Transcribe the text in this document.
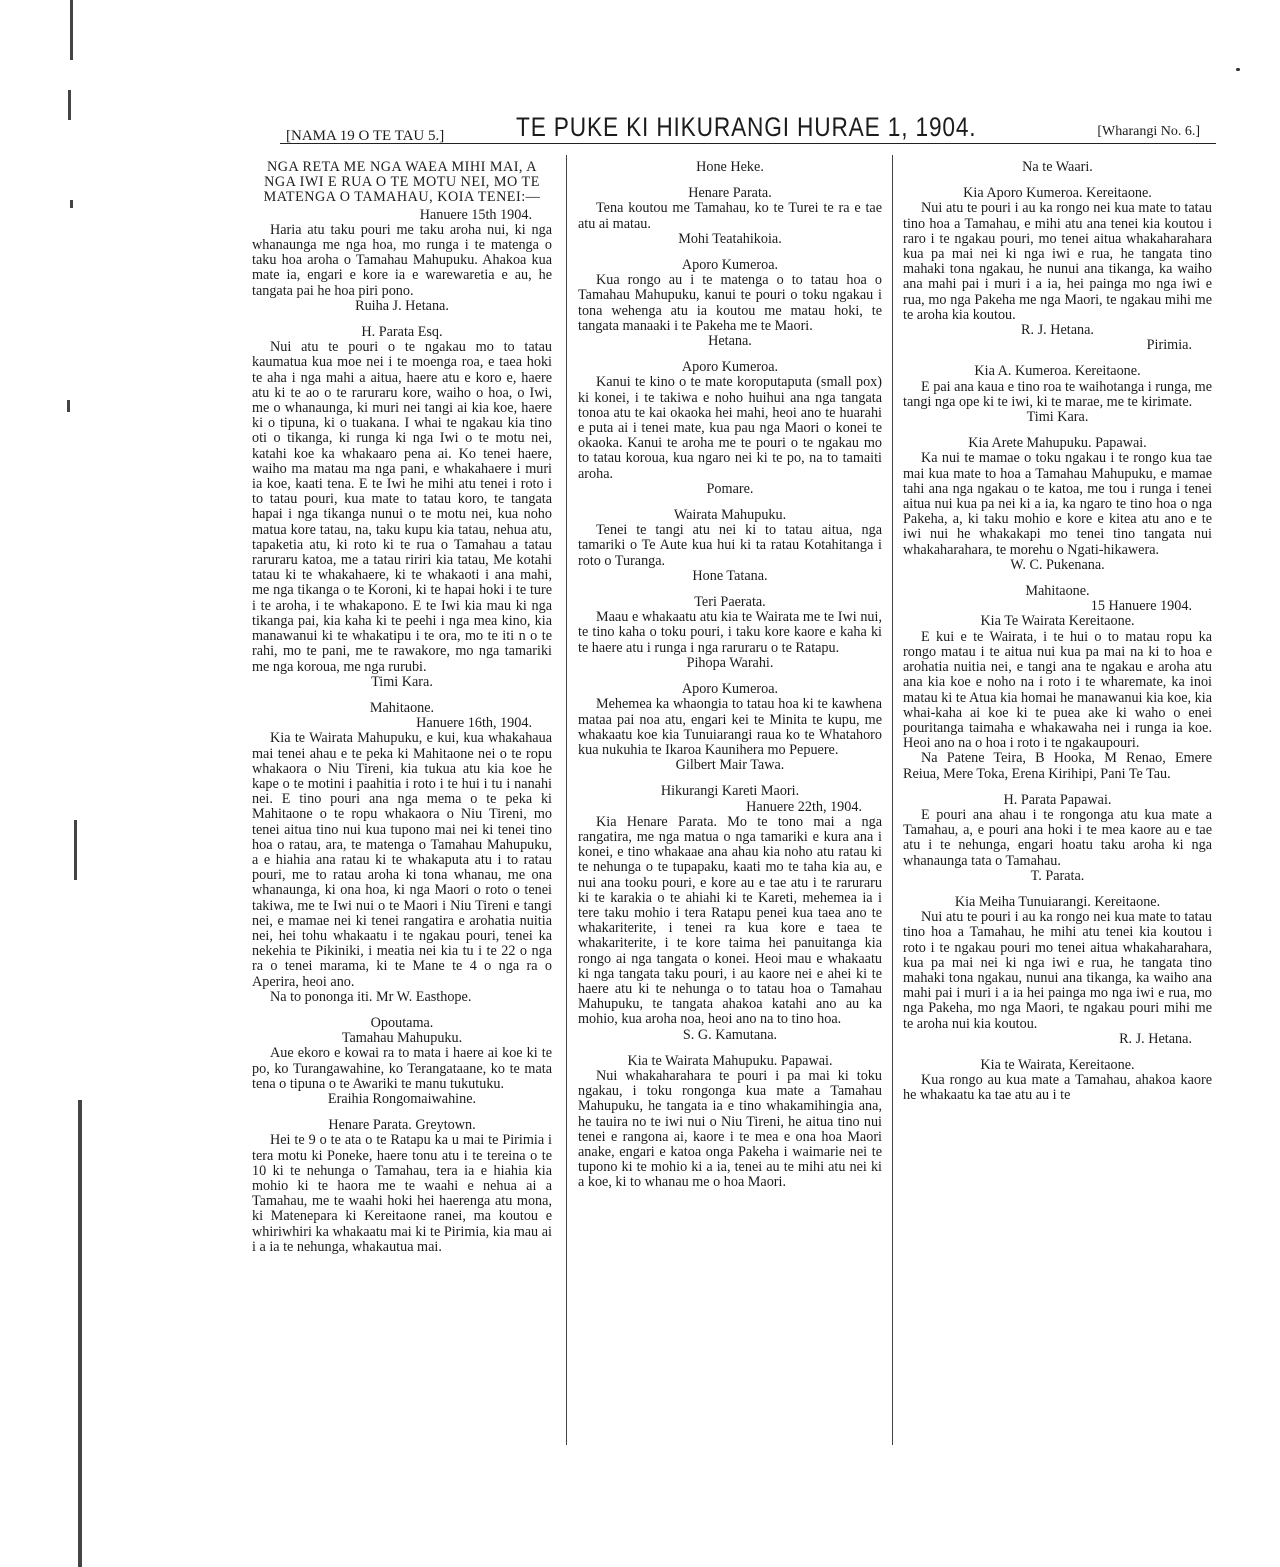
[NAMA 19 O TE TAU 5.]	TE PUKE KI HIKURANGI HURAE 1, 1904.	[Wharangi No. 6.]

NGA RETA ME NGA WAEA MIHI MAI, A NGA IWI E RUA O TE MOTU NEI, MO TE MATENGA O TAMAHAU, KOIA TENEI:—

Hanuere 15th 1904.

Haria atu taku pouri me taku aroha nui, ki nga whanaunga me nga hoa, mo runga i te matenga o taku hoa aroha o Tamahau Mahupuku. Ahakoa kua mate ia, engari e kore ia e warewaretia e au, he tangata pai he hoa piri pono.

Ruiha J. Hetana.

H. Parata Esq.

Nui atu te pouri o te ngakau mo to tatau kaumatua kua moe nei i te moenga roa, e taea hoki te aha i nga mahi a aitua, haere atu e koro e, haere atu ki te ao o te raruraru kore, waiho o hoa, o Iwi, me o whanaunga, ki muri nei tangi ai kia koe, haere ki o tipuna, ki o tuakana. I whai te ngakau kia tino oti o tikanga, ki runga ki nga Iwi o te motu nei, katahi koe ka whakaaro pena ai. Ko tenei haere, waiho ma matau ma nga pani, e whakahaere i muri ia koe, kaati tena. E te Iwi he mihi atu tenei i roto i to tatau pouri, kua mate to tatau koro, te tangata hapai i nga tikanga nunui o te motu nei, kua noho matua kore tatau, na, taku kupu kia tatau, nehua atu, tapaketia atu, ki roto ki te rua o Tamahau a tatau raruraru katoa, me a tatau ririri kia tatau, Me kotahi tatau ki te whakahaere, ki te whakaoti i ana mahi, me nga tikanga o te Koroni, ki te hapai hoki i te ture i te aroha, i te whakapono. E te Iwi kia mau ki nga tikanga pai, kia kaha ki te peehi i nga mea kino, kia manawanui ki te whakatipu i te ora, mo te iti n o te rahi, mo te pani, me te rawakore, mo nga tamariki me nga koroua, me nga rurubi.

Timi Kara.

Mahitaone.

Hanuere 16th, 1904.

Kia te Wairata Mahupuku, e kui, kua whakahaua mai tenei ahau e te peka ki Mahitaone nei o te ropu whakaora o Niu Tireni, kia tukua atu kia koe he kape o te motini i paahitia i roto i te hui i tu i nanahi nei. E tino pouri ana nga mema o te peka ki Mahitaone o te ropu whakaora o Niu Tireni, mo tenei aitua tino nui kua tupono mai nei ki tenei tino hoa o ratau, ara, te matenga o Tamahau Mahupuku, a e hiahia ana ratau ki te whakaputa atu i to ratau pouri, me to ratau aroha ki tona whanau, me ona whanaunga, ki ona hoa, ki nga Maori o roto o tenei takiwa, me te Iwi nui o te Maori i Niu Tireni e tangi nei, e mamae nei ki tenei rangatira e arohatia nuitia nei, hei tohu whakaatu i te ngakau pouri, tenei ka nekehia te Pikiniki, i meatia nei kia tu i te 22 o nga ra o tenei marama, ki te Mane te 4 o nga ra o Aperira, heoi ano.

Na to pononga iti. Mr W. Easthope.

Opoutama.

Tamahau Mahupuku.

Aue ekoro e kowai ra to mata i haere ai koe ki te po, ko Turangawahine, ko Terangataane, ko te mata tena o tipuna o te Awariki te manu tukutuku.

Eraihia Rongomaiwahine.

Henare Parata. Greytown.

Hei te 9 o te ata o te Ratapu ka u mai te Pirimia i tera motu ki Poneke, haere tonu atu i te tereina o te 10 ki te nehunga o Tamahau, tera ia e hiahia kia mohio ki te haora me te waahi e nehua ai a Tamahau, me te waahi hoki hei haerenga atu mona, ki Matenepara ki Kereitaone ranei, ma koutou e whiriwhiri ka whakaatu mai ki te Pirimia, kia mau ai i a ia te nehunga, whakautua mai.

Hone Heke.

Henare Parata.

Tena koutou me Tamahau, ko te Turei te ra e tae atu ai matau.

Mohi Teatahikoia.

Aporo Kumeroa.

Kua rongo au i te matenga o to tatau hoa o Tamahau Mahupuku, kanui te pouri o toku ngakau i tona wehenga atu ia koutou me matau hoki, te tangata manaaki i te Pakeha me te Maori.

Hetana.

Aporo Kumeroa.

Kanui te kino o te mate koroputaputa (small pox) ki konei, i te takiwa e noho huihui ana nga tangata tonoa atu te kai okaoka hei mahi, heoi ano te huarahi e puta ai i tenei mate, kua pau nga Maori o konei te okaoka. Kanui te aroha me te pouri o te ngakau mo to tatau koroua, kua ngaro nei ki te po, na to tamaiti aroha.

Pomare.

Wairata Mahupuku.

Tenei te tangi atu nei ki to tatau aitua, nga tamariki o Te Aute kua hui ki ta ratau Kotahitanga i roto o Turanga.

Hone Tatana.

Teri Paerata.

Maau e whakaatu atu kia te Wairata me te Iwi nui, te tino kaha o toku pouri, i taku kore kaore e kaha ki te haere atu i runga i nga raruraru o te Ratapu.

Pihopa Warahi.

Aporo Kumeroa.

Mehemea ka whaongia to tatau hoa ki te kawhena mataa pai noa atu, engari kei te Minita te kupu, me whakaatu koe kia Tunuiarangi raua ko te Whatahoro kua nukuhia te Ikaroa Kaunihera mo Pepuere.

Gilbert Mair Tawa.

Hikurangi Kareti Maori.

Hanuere 22th, 1904.

Kia Henare Parata. Mo te tono mai a nga rangatira, me nga matua o nga tamariki e kura ana i konei, e tino whakaae ana ahau kia noho atu ratau ki te nehunga o te tupapaku, kaati mo te taha kia au, e nui ana tooku pouri, e kore au e tae atu i te raruraru ki te karakia o te ahiahi ki te Kareti, mehemea ia i tere taku mohio i tera Ratapu penei kua taea ano te whakariterite, i tenei ra kua kore e taea te whakariterite, i te kore taima hei panuitanga kia rongo ai nga tangata o konei. Heoi mau e whakaatu ki nga tangata taku pouri, i au kaore nei e ahei ki te haere atu ki te nehunga o to tatau hoa o Tamahau Mahupuku, te tangata ahakoa katahi ano au ka mohio, kua aroha noa, heoi ano na to tino hoa.

S. G. Kamutana.

Kia te Wairata Mahupuku. Papawai.

Nui whakaharahara te pouri i pa mai ki toku ngakau, i toku rongonga kua mate a Tamahau Mahupuku, he tangata ia e tino whakamihingia ana, he tauira no te iwi nui o Niu Tireni, he aitua tino nui tenei e rangona ai, kaore i te mea e ona hoa Maori anake, engari e katoa onga Pakeha i waimarie nei te tupono ki te mohio ki a ia, tenei au te mihi atu nei ki a koe, ki to whanau me o hoa Maori.

Na te Waari.

Kia Aporo Kumeroa. Kereitaone.

Nui atu te pouri i au ka rongo nei kua mate to tatau tino hoa a Tamahau, e mihi atu ana tenei kia koutou i raro i te ngakau pouri, mo tenei aitua whakaharahara kua pa mai nei ki nga iwi e rua, he tangata tino mahaki tona ngakau, he nunui ana tikanga, ka waiho ana mahi pai i muri i a ia, hei painga mo nga iwi e rua, mo nga Pakeha me nga Maori, te ngakau mihi me te aroha kia koutou.

R. J. Hetana.

Pirimia.

Kia A. Kumeroa. Kereitaone.

E pai ana kaua e tino roa te waihotanga i runga, me tangi nga ope ki te iwi, ki te marae, me te kirimate.

Timi Kara.

Kia Arete Mahupuku. Papawai.

Ka nui te mamae o toku ngakau i te rongo kua tae mai kua mate to hoa a Tamahau Mahupuku, e mamae tahi ana nga ngakau o te katoa, me tou i runga i tenei aitua nui kua pa nei ki a ia, ka ngaro te tino hoa o nga Pakeha, a, ki taku mohio e kore e kitea atu ano e te iwi nui he whakakapi mo tenei tino tangata nui whakaharahara, te morehu o Ngati-hikawera.

W. C. Pukenana.

Mahitaone.

15 Hanuere 1904.

Kia Te Wairata Kereitaone.

E kui e te Wairata, i te hui o to matau ropu ka rongo matau i te aitua nui kua pa mai na ki to hoa e arohatia nuitia nei, e tangi ana te ngakau e aroha atu ana kia koe e noho na i roto i te wharemate, ka inoi matau ki te Atua kia homai he manawanui kia koe, kia whai-kaha ai koe ki te puea ake ki waho o enei pouritanga taimaha e whakawaha nei i runga ia koe. Heoi ano na o hoa i roto i te ngakaupouri.

Na Patene Teira, B Hooka, M Renao, Emere Reiua, Mere Toka, Erena Kirihipi, Pani Te Tau.

H. Parata Papawai.

E pouri ana ahau i te rongonga atu kua mate a Tamahau, a, e pouri ana hoki i te mea kaore au e tae atu i te nehunga, engari hoatu taku aroha ki nga whanaunga tata o Tamahau.

T. Parata.

Kia Meiha Tunuiarangi. Kereitaone.

Nui atu te pouri i au ka rongo nei kua mate to tatau tino hoa a Tamahau, he mihi atu tenei kia koutou i roto i te ngakau pouri mo tenei aitua whakaharahara, kua pa mai nei ki nga iwi e rua, he tangata tino mahaki tona ngakau, nunui ana tikanga, ka waiho ana mahi pai i muri i a ia hei painga mo nga iwi e rua, mo nga Pakeha, mo nga Maori, te ngakau pouri mihi me te aroha nui kia koutou.

R. J. Hetana.

Kia te Wairata, Kereitaone.

Kua rongo au kua mate a Tamahau, ahakoa kaore he whakaatu ka tae atu au i te
